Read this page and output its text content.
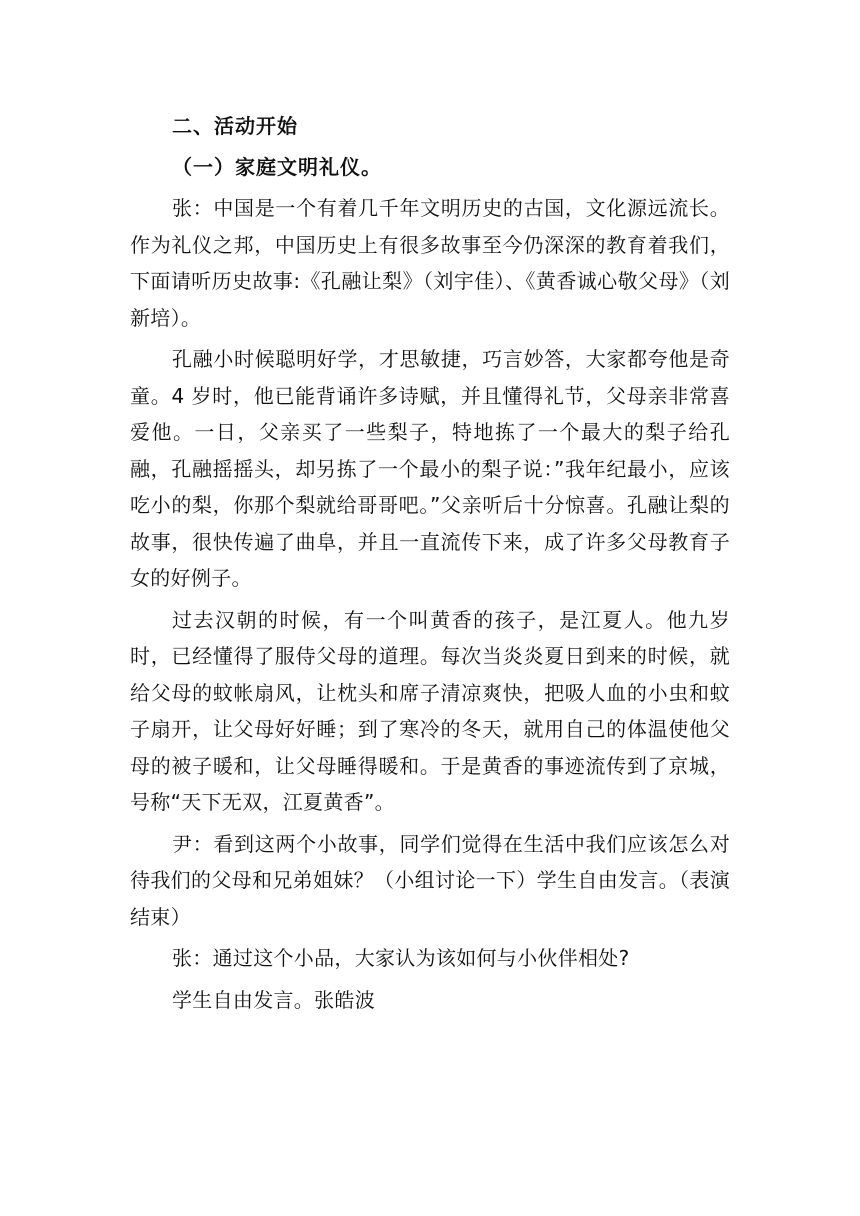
二、活动开始
（一）家庭文明礼仪。

张：中国是一个有着几千年文明历史的古国，文化源远流长。作为礼仪之邦，中国历史上有很多故事至今仍深深的教育着我们，下面请听历史故事:《孔融让梨》（刘宇佳）、《黄香诚心敬父母》（刘新培）。

孔融小时候聪明好学，才思敏捷，巧言妙答，大家都夸他是奇童。4 岁时，他已能背诵许多诗赋，并且懂得礼节，父母亲非常喜爱他。一日，父亲买了一些梨子，特地拣了一个最大的梨子给孔融，孔融摇摇头，却另拣了一个最小的梨子说：”我年纪最小，应该吃小的梨，你那个梨就给哥哥吧。”父亲听后十分惊喜。孔融让梨的故事，很快传遍了曲阜，并且一直流传下来，成了许多父母教育子女的好例子。

过去汉朝的时候，有一个叫黄香的孩子，是江夏人。他九岁时，已经懂得了服侍父母的道理。每次当炎炎夏日到来的时候，就给父母的蚊帐扇风，让枕头和席子清凉爽快，把吸人血的小虫和蚊子扇开，让父母好好睡；到了寒冷的冬天，就用自己的体温使他父母的被子暖和，让父母睡得暖和。于是黄香的事迹流传到了京城，号称“天下无双，江夏黄香”。

尹：看到这两个小故事，同学们觉得在生活中我们应该怎么对待我们的父母和兄弟姐妹？（小组讨论一下）学生自由发言。（表演结束）

张：通过这个小品，大家认为该如何与小伙伴相处?

学生自由发言。张皓波
